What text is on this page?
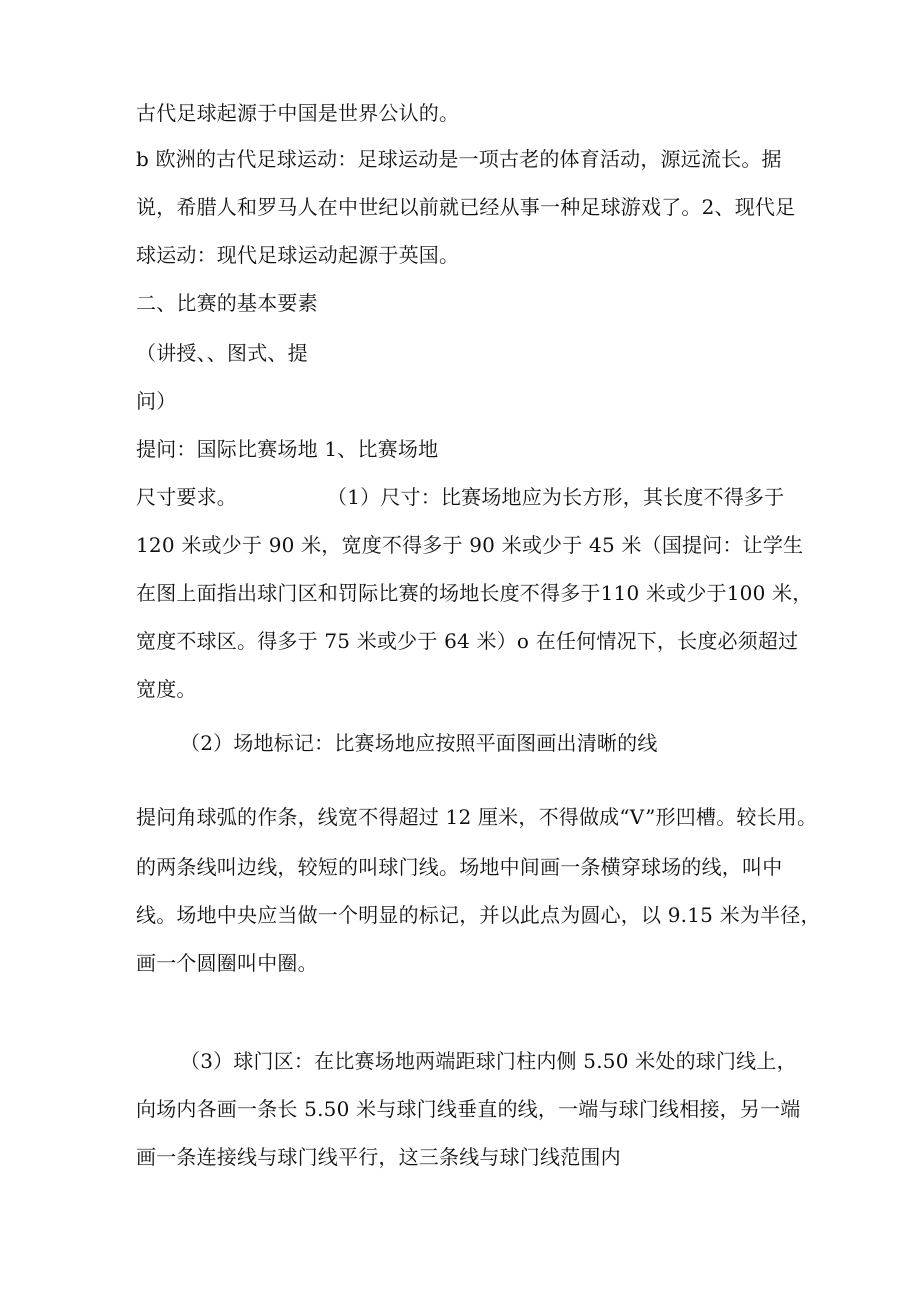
古代足球起源于中国是世界公认的。
b 欧洲的古代足球运动：足球运动是一项古老的体育活动，源远流长。据
说，希腊人和罗马人在中世纪以前就已经从事一种足球游戏了。2、现代足
球运动：现代足球运动起源于英国。
二、比赛的基本要素
（讲授、、图式、提
问）
提问：国际比赛场地 1、比赛场地
尺寸要求。	（1）尺寸：比赛场地应为长方形，其长度不得多于
120 米或少于 90 米，宽度不得多于 90 米或少于 45 米（国提问：让学生
在图上面指出球门区和罚际比赛的场地长度不得多于110 米或少于100 米，
宽度不球区。得多于 75 米或少于 64 米）o 在任何情况下，长度必须超过
宽度。
（2）场地标记：比赛场地应按照平面图画出清晰的线
提问角球弧的作条，线宽不得超过 12 厘米，不得做成“V”形凹槽。较长用。
的两条线叫边线，较短的叫球门线。场地中间画一条横穿球场的线，叫中
线。场地中央应当做一个明显的标记，并以此点为圆心，以 9.15 米为半径，
画一个圆圈叫中圈。
（3）球门区：在比赛场地两端距球门柱内侧 5.50 米处的球门线上，
向场内各画一条长 5.50 米与球门线垂直的线，一端与球门线相接，另一端
画一条连接线与球门线平行，这三条线与球门线范围内
